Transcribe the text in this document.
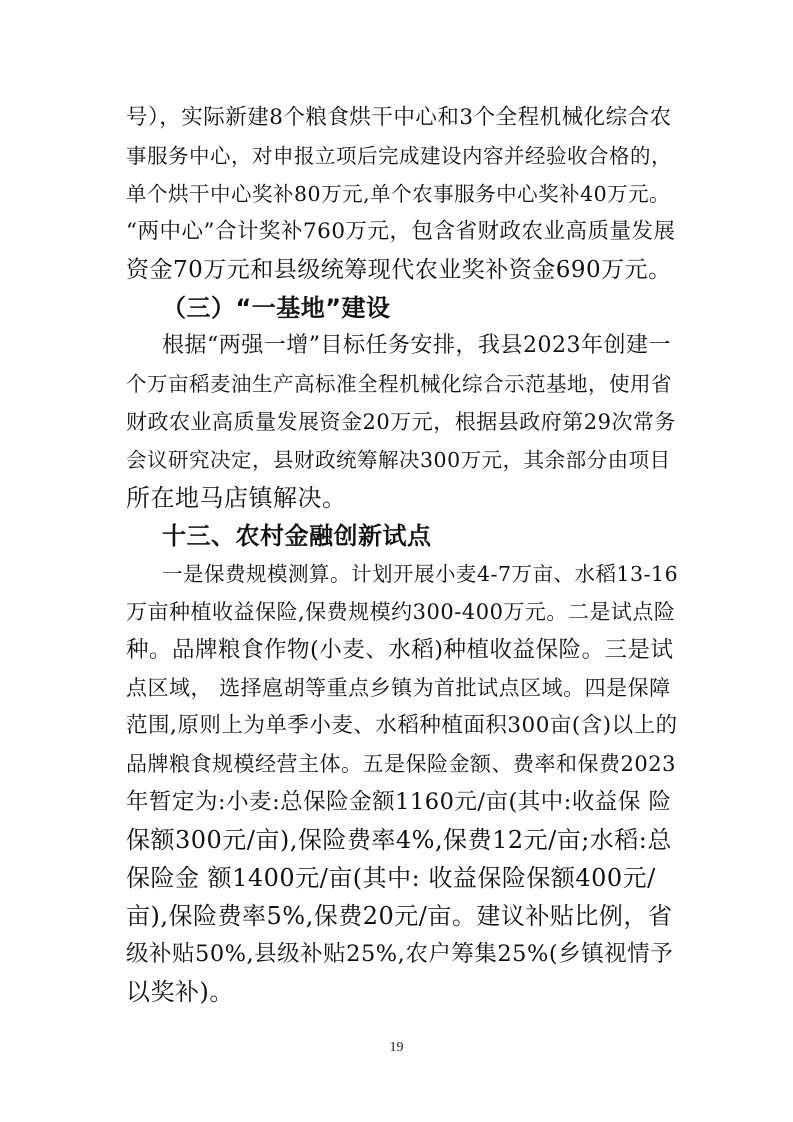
号），实际新建8个粮食烘干中心和3个全程机械化综合农
事服务中心，对申报立项后完成建设内容并经验收合格的，
单个烘干中心奖补80万元,单个农事服务中心奖补40万元。
“两中心”合计奖补760万元，包含省财政农业高质量发展
资金70万元和县级统筹现代农业奖补资金690万元。
（三）“一基地”建设
根据“两强一增”目标任务安排，我县2023年创建一
个万亩稻麦油生产高标准全程机械化综合示范基地，使用省
财政农业高质量发展资金20万元，根据县政府第29次常务
会议研究决定，县财政统筹解决300万元，其余部分由项目
所在地马店镇解决。
十三、农村金融创新试点
一是保费规模测算。计划开展小麦4-7万亩、水稻13-16
万亩种植收益保险,保费规模约300-400万元。二是试点险
种。品牌粮食作物(小麦、水稻)种植收益保险。三是试
点区域， 选择扈胡等重点乡镇为首批试点区域。四是保障
范围,原则上为单季小麦、水稻种植面积300亩(含)以上的
品牌粮食规模经营主体。五是保险金额、费率和保费2023
年暂定为:小麦:总保险金额1160元/亩(其中:收益保 险
保额300元/亩),保险费率4%,保费12元/亩;水稻:总
保险金 额1400元/亩(其中: 收益保险保额400元/
亩),保险费率5%,保费20元/亩。建议补贴比例，省
级补贴50%,县级补贴25%,农户筹集25%(乡镇视情予
以奖补)。
19
